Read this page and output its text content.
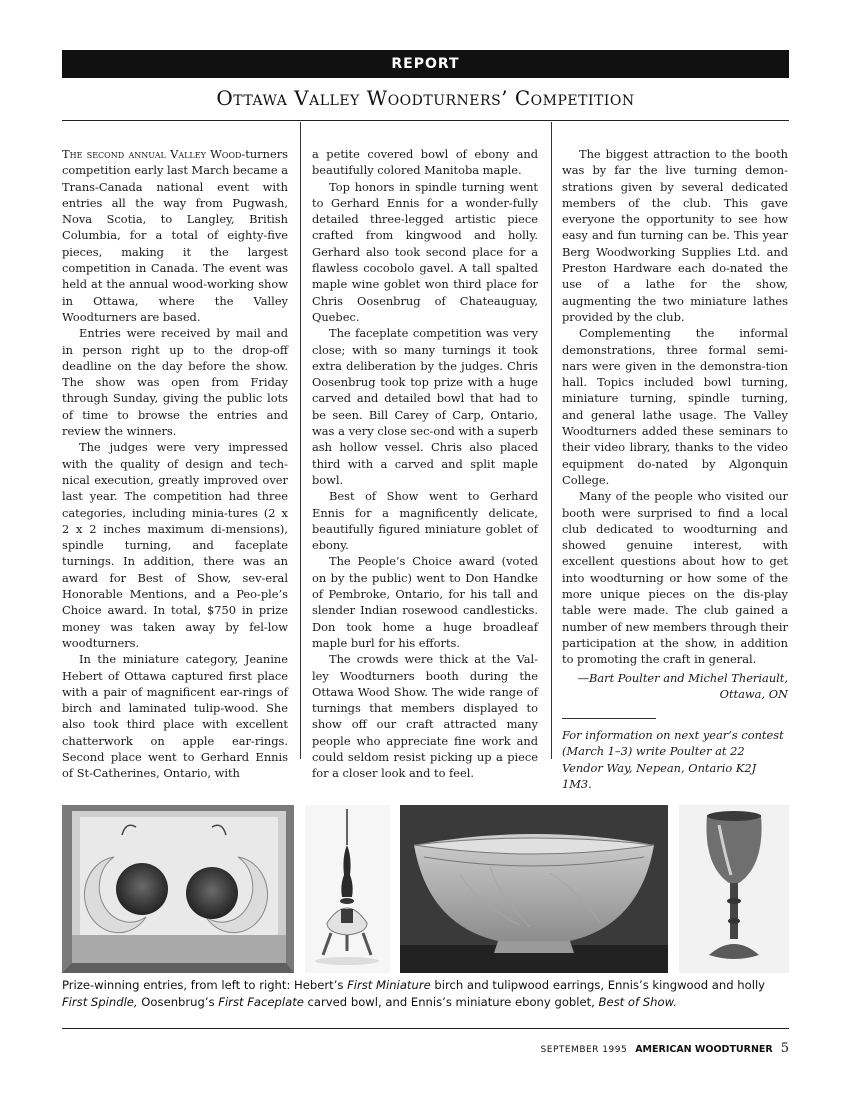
REPORT
Ottawa Valley Woodturners’ Competition

The second annual Valley Wood-turners competition early last March became a Trans-Canada national event with entries all the way from Pugwash, Nova Scotia, to Langley, British Columbia, for a total of eighty-five pieces, making it the largest competition in Canada. The event was held at the annual wood-working show in Ottawa, where the Valley Woodturners are based.

Entries were received by mail and in person right up to the drop-off deadline on the day before the show. The show was open from Friday through Sunday, giving the public lots of time to browse the entries and review the winners.

The judges were very impressed with the quality of design and tech-nical execution, greatly improved over last year. The competition had three categories, including minia-tures (2 x 2 x 2 inches maximum di-mensions), spindle turning, and faceplate turnings. In addition, there was an award for Best of Show, sev-eral Honorable Mentions, and a Peo-ple’s Choice award. In total, $750 in prize money was taken away by fel-low woodturners.

In the miniature category, Jeanine Hebert of Ottawa captured first place with a pair of magnificent ear-rings of birch and laminated tulip-wood. She also took third place with excellent chatterwork on apple ear-rings. Second place went to Gerhard Ennis of St-Catherines, Ontario, with

a petite covered bowl of ebony and beautifully colored Manitoba maple.

Top honors in spindle turning went to Gerhard Ennis for a wonder-fully detailed three-legged artistic piece crafted from kingwood and holly. Gerhard also took second place for a flawless cocobolo gavel. A tall spalted maple wine goblet won third place for Chris Oosenbrug of Chateauguay, Quebec.

The faceplate competition was very close; with so many turnings it took extra deliberation by the judges. Chris Oosenbrug took top prize with a huge carved and detailed bowl that had to be seen. Bill Carey of Carp, Ontario, was a very close sec-ond with a superb ash hollow vessel. Chris also placed third with a carved and split maple bowl.

Best of Show went to Gerhard Ennis for a magnificently delicate, beautifully figured miniature goblet of ebony.

The People’s Choice award (voted on by the public) went to Don Handke of Pembroke, Ontario, for his tall and slender Indian rosewood candlesticks. Don took home a huge broadleaf maple burl for his efforts.

The crowds were thick at the Val-ley Woodturners booth during the Ottawa Wood Show. The wide range of turnings that members displayed to show off our craft attracted many people who appreciate fine work and could seldom resist picking up a piece for a closer look and to feel.

The biggest attraction to the booth was by far the live turning demon-strations given by several dedicated members of the club. This gave everyone the opportunity to see how easy and fun turning can be. This year Berg Woodworking Supplies Ltd. and Preston Hardware each do-nated the use of a lathe for the show, augmenting the two miniature lathes provided by the club.

Complementing the informal demonstrations, three formal semi-nars were given in the demonstra-tion hall. Topics included bowl turning, miniature turning, spindle turning, and general lathe usage. The Valley Woodturners added these seminars to their video library, thanks to the video equipment do-nated by Algonquin College.

Many of the people who visited our booth were surprised to find a local club dedicated to woodturning and showed genuine interest, with excellent questions about how to get into woodturning or how some of the more unique pieces on the dis-play table were made. The club gained a number of new members through their participation at the show, in addition to promoting the craft in general.

—Bart Poulter and Michel Theriault,
Ottawa, ON
For information on next year’s contest (March 1–3) write Poulter at 22 Vendor Way, Nepean, Ontario K2J 1M3.
Prize-winning entries, from left to right: Hebert’s First Miniature birch and tulipwood earrings, Ennis’s kingwood and holly First Spindle, Oosenbrug’s First Faceplate carved bowl, and Ennis’s miniature ebony goblet, Best of Show.
SEPTEMBER 1995 AMERICAN WOODTURNER 5
